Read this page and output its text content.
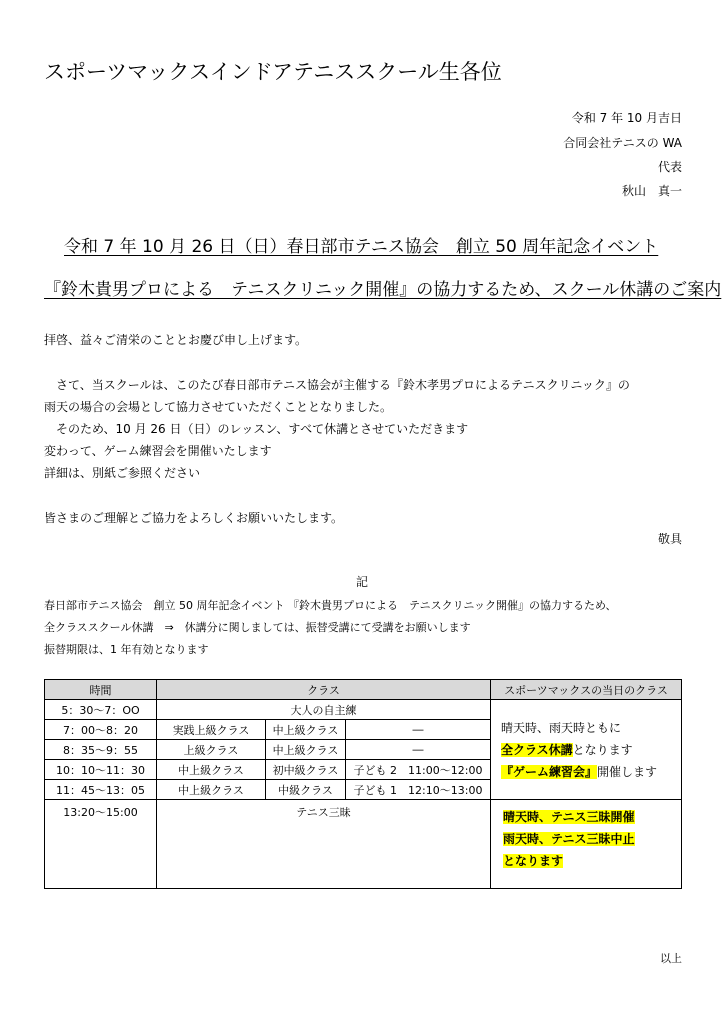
スポーツマックスインドアテニススクール生各位
令和 7 年 10 月吉日
合同会社テニスの WA
代表
秋山　真一
令和 7 年 10 月 26 日（日）春日部市テニス協会　創立 50 周年記念イベント
『鈴木貴男プロによる　テニスクリニック開催』の協力するため、スクール休講のご案内
拝啓、益々ご清栄のこととお慶び申し上げます。
　さて、当スクールは、このたび春日部市テニス協会が主催する『鈴木孝男プロによるテニスクリニック』の
雨天の場合の会場として協力させていただくこととなりました。
　そのため、10 月 26 日（日）のレッスン、すべて休講とさせていただきます
変わって、ゲーム練習会を開催いたします
詳細は、別紙ご参照ください
皆さまのご理解とご協力をよろしくお願いいたします。
敬具
記
春日部市テニス協会　創立 50 周年記念イベント 『鈴木貴男プロによる　テニスクリニック開催』の協力するため、
全クラススクール休講　⇒　休講分に関しましては、振替受講にて受講をお願いします
振替期限は、1 年有効となります
時間	クラス			スポーツマックスの当日のクラス
5：30～7：OO	大人の自主練			晴天時、雨天時ともに
全クラス休講となります
『ゲーム練習会』開催します

7：00～8：20	実践上級クラス	中上級クラス	―	
8：35～9：55	上級クラス	中上級クラス	―	
10：10～11：30	中上級クラス	初中級クラス	子ども 2　11:00～12:00	
11：45～13：05	中上級クラス	中級クラス	子ども 1　12:10～13:00	
13:20～15:00	テニス三昧			晴天時、テニス三昧開催
雨天時、テニス三昧中止
となります
以上
